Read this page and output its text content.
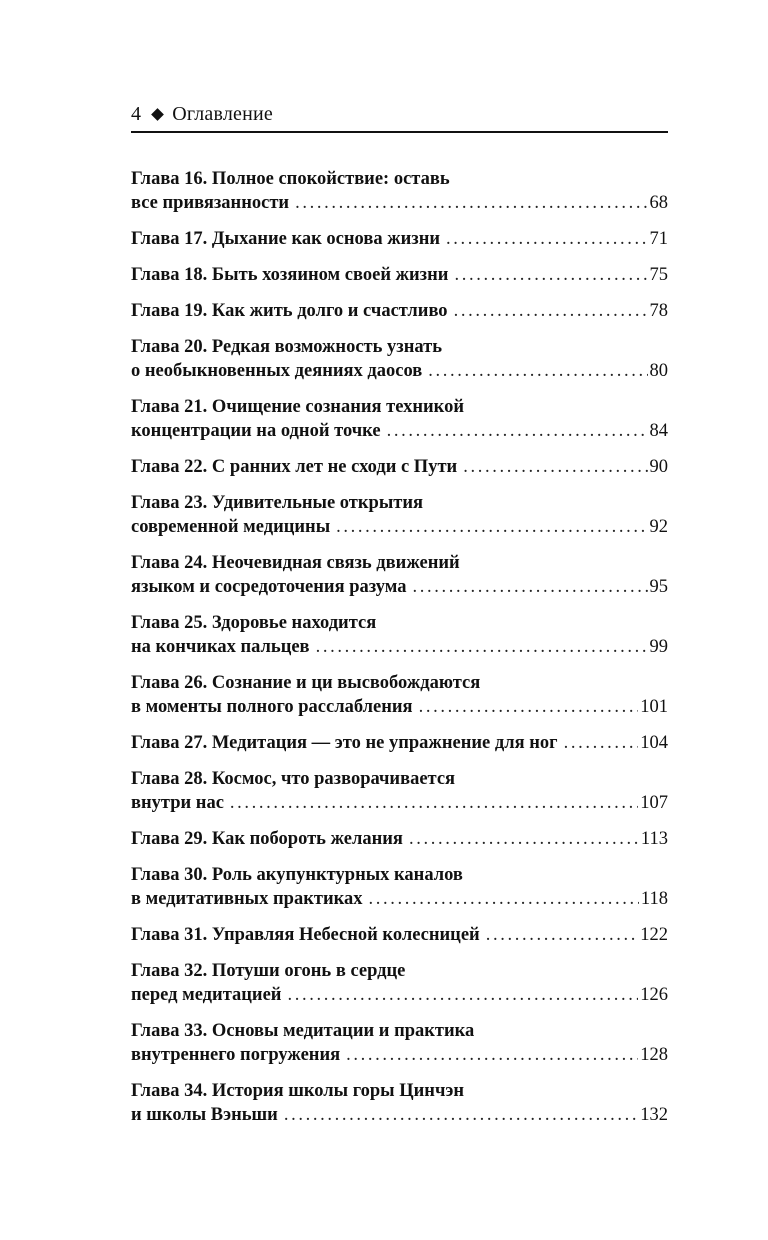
4 Оглавление
Глава 16. Полное спокойствие: оставь
все привязанности . . .	68
Глава 17. Дыхание как основа жизни . . .	71
Глава 18. Быть хозяином своей жизни . . .	75
Глава 19. Как жить долго и счастливо . . .	78
Глава 20. Редкая возможность узнать
о необыкновенных деяниях даосов . . .	80
Глава 21. Очищение сознания техникой
концентрации на одной точке . . .	84
Глава 22. С ранних лет не сходи с Пути . . .	90
Глава 23. Удивительные открытия
современной медицины . . .	92
Глава 24. Неочевидная связь движений
языком и сосредоточения разума . . .	95
Глава 25. Здоровье находится
на кончиках пальцев . . .	99
Глава 26. Сознание и ци высвобождаются
в моменты полного расслабления . . .	101
Глава 27. Медитация — это не упражнение для ног . . .	104
Глава 28. Космос, что разворачивается
внутри нас . . .	107
Глава 29. Как побороть желания . . .	113
Глава 30. Роль акупунктурных каналов
в медитативных практиках . . .	118
Глава 31. Управляя Небесной колесницей . . .	122
Глава 32. Потуши огонь в сердце
перед медитацией . . .	126
Глава 33. Основы медитации и практика
внутреннего погружения . . .	128
Глава 34. История школы горы Цинчэн
и школы Вэньши . . .	132
